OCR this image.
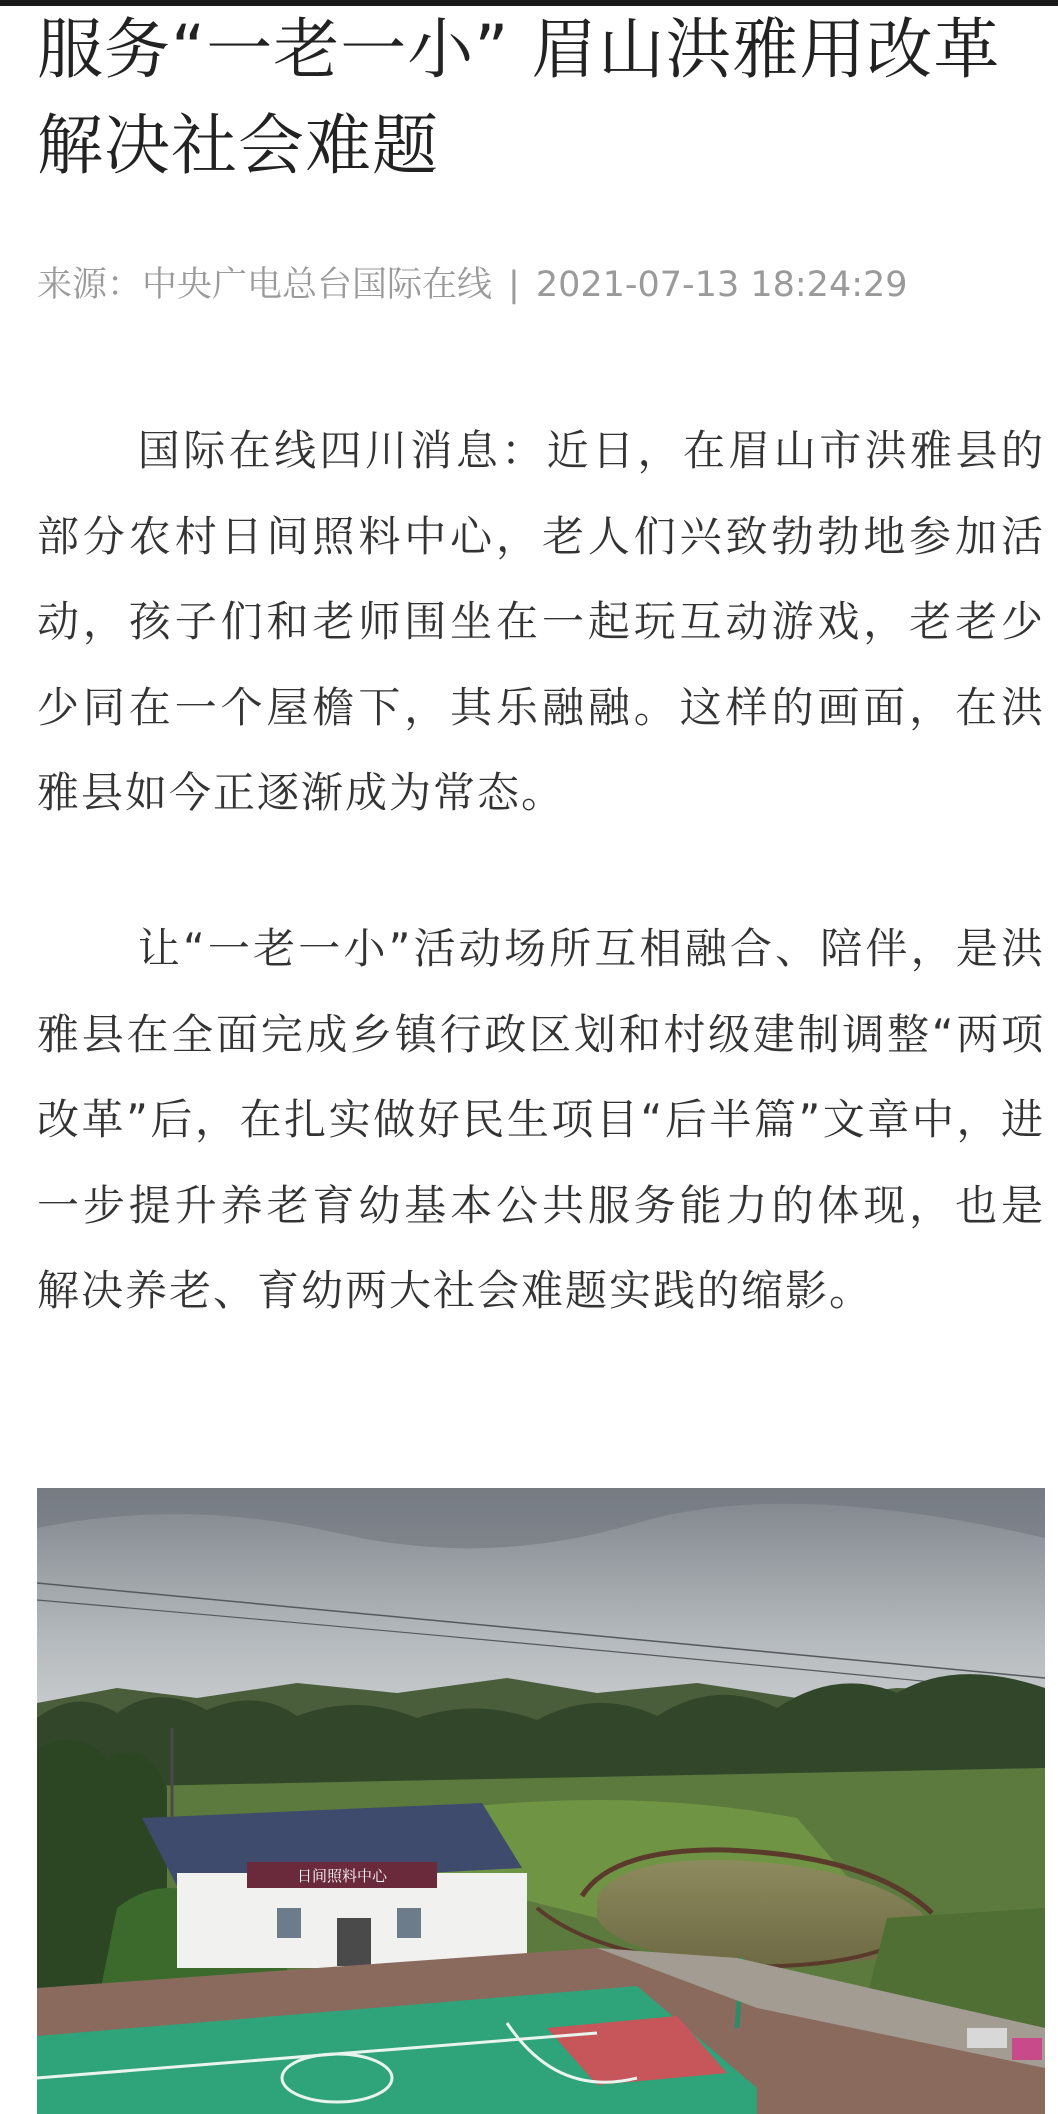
服务“一老一小” 眉山洪雅用改革解决社会难题
来源：中央广电总台国际在线 | 2021-07-13 18:24:29

国际在线四川消息：近日，在眉山市洪雅县的部分农村日间照料中心，老人们兴致勃勃地参加活动，孩子们和老师围坐在一起玩互动游戏，老老少少同在一个屋檐下，其乐融融。这样的画面，在洪雅县如今正逐渐成为常态。

让“一老一小”活动场所互相融合、陪伴，是洪雅县在全面完成乡镇行政区划和村级建制调整“两项改革”后，在扎实做好民生项目“后半篇”文章中，进一步提升养老育幼基本公共服务能力的体现，也是解决养老、育幼两大社会难题实践的缩影。

日间照料中心
